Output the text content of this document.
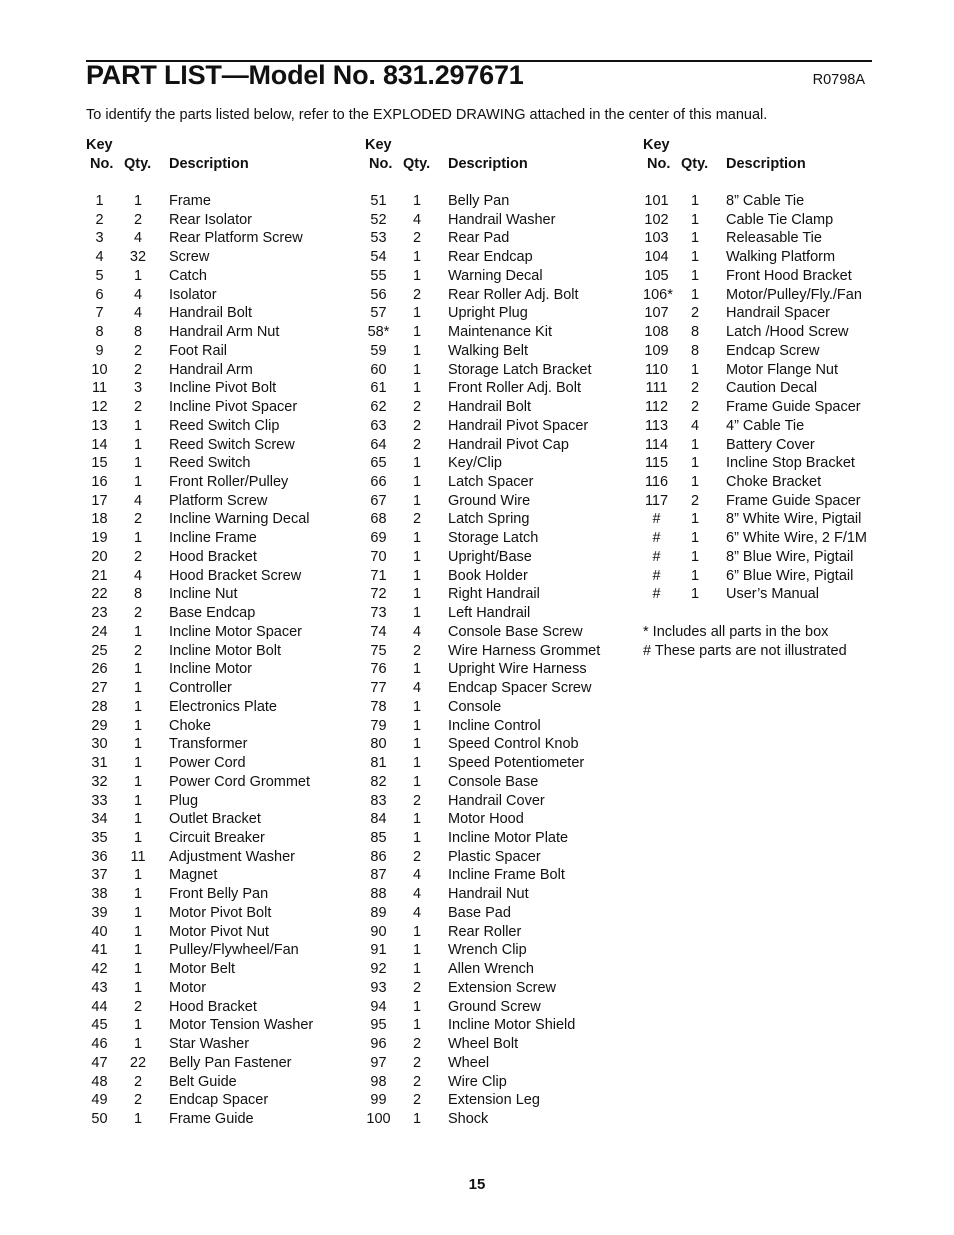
PART LIST—Model No. 831.297671	R0798A
To identify the parts listed below, refer to the EXPLODED DRAWING attached in the center of this manual.
Key
No. Qty. Description
1	1	Frame
2	2	Rear Isolator
3	4	Rear Platform Screw
4	32	Screw
5	1	Catch
6	4	Isolator
7	4	Handrail Bolt
8	8	Handrail Arm Nut
9	2	Foot Rail
10	2	Handrail Arm
11	3	Incline Pivot Bolt
12	2	Incline Pivot Spacer
13	1	Reed Switch Clip
14	1	Reed Switch Screw
15	1	Reed Switch
16	1	Front Roller/Pulley
17	4	Platform Screw
18	2	Incline Warning Decal
19	1	Incline Frame
20	2	Hood Bracket
21	4	Hood Bracket Screw
22	8	Incline Nut
23	2	Base Endcap
24	1	Incline Motor Spacer
25	2	Incline Motor Bolt
26	1	Incline Motor
27	1	Controller
28	1	Electronics Plate
29	1	Choke
30	1	Transformer
31	1	Power Cord
32	1	Power Cord Grommet
33	1	Plug
34	1	Outlet Bracket
35	1	Circuit Breaker
36	11	Adjustment Washer
37	1	Magnet
38	1	Front Belly Pan
39	1	Motor Pivot Bolt
40	1	Motor Pivot Nut
41	1	Pulley/Flywheel/Fan
42	1	Motor Belt
43	1	Motor
44	2	Hood Bracket
45	1	Motor Tension Washer
46	1	Star Washer
47	22	Belly Pan Fastener
48	2	Belt Guide
49	2	Endcap Spacer
50	1	Frame Guide
Key
No. Qty. Description
51	1	Belly Pan
52	4	Handrail Washer
53	2	Rear Pad
54	1	Rear Endcap
55	1	Warning Decal
56	2	Rear Roller Adj. Bolt
57	1	Upright Plug
58*	1	Maintenance Kit
59	1	Walking Belt
60	1	Storage Latch Bracket
61	1	Front Roller Adj. Bolt
62	2	Handrail Bolt
63	2	Handrail Pivot Spacer
64	2	Handrail Pivot Cap
65	1	Key/Clip
66	1	Latch Spacer
67	1	Ground Wire
68	2	Latch Spring
69	1	Storage Latch
70	1	Upright/Base
71	1	Book Holder
72	1	Right Handrail
73	1	Left Handrail
74	4	Console Base Screw
75	2	Wire Harness Grommet
76	1	Upright Wire Harness
77	4	Endcap Spacer Screw
78	1	Console
79	1	Incline Control
80	1	Speed Control Knob
81	1	Speed Potentiometer
82	1	Console Base
83	2	Handrail Cover
84	1	Motor Hood
85	1	Incline Motor Plate
86	2	Plastic Spacer
87	4	Incline Frame Bolt
88	4	Handrail Nut
89	4	Base Pad
90	1	Rear Roller
91	1	Wrench Clip
92	1	Allen Wrench
93	2	Extension Screw
94	1	Ground Screw
95	1	Incline Motor Shield
96	2	Wheel Bolt
97	2	Wheel
98	2	Wire Clip
99	2	Extension Leg
100	1	Shock
Key
No. Qty. Description
101	1	8” Cable Tie
102	1	Cable Tie Clamp
103	1	Releasable Tie
104	1	Walking Platform
105	1	Front Hood Bracket
106*	1	Motor/Pulley/Fly./Fan
107	2	Handrail Spacer
108	8	Latch /Hood Screw
109	8	Endcap Screw
110	1	Motor Flange Nut
111	2	Caution Decal
112	2	Frame Guide Spacer
113	4	4” Cable Tie
114	1	Battery Cover
115	1	Incline Stop Bracket
116	1	Choke Bracket
117	2	Frame Guide Spacer
#	1	8” White Wire, Pigtail
#	1	6” White Wire, 2 F/1M
#	1	8” Blue Wire, Pigtail
#	1	6” Blue Wire, Pigtail
#	1	User’s Manual
* Includes all parts in the box
# These parts are not illustrated
15
